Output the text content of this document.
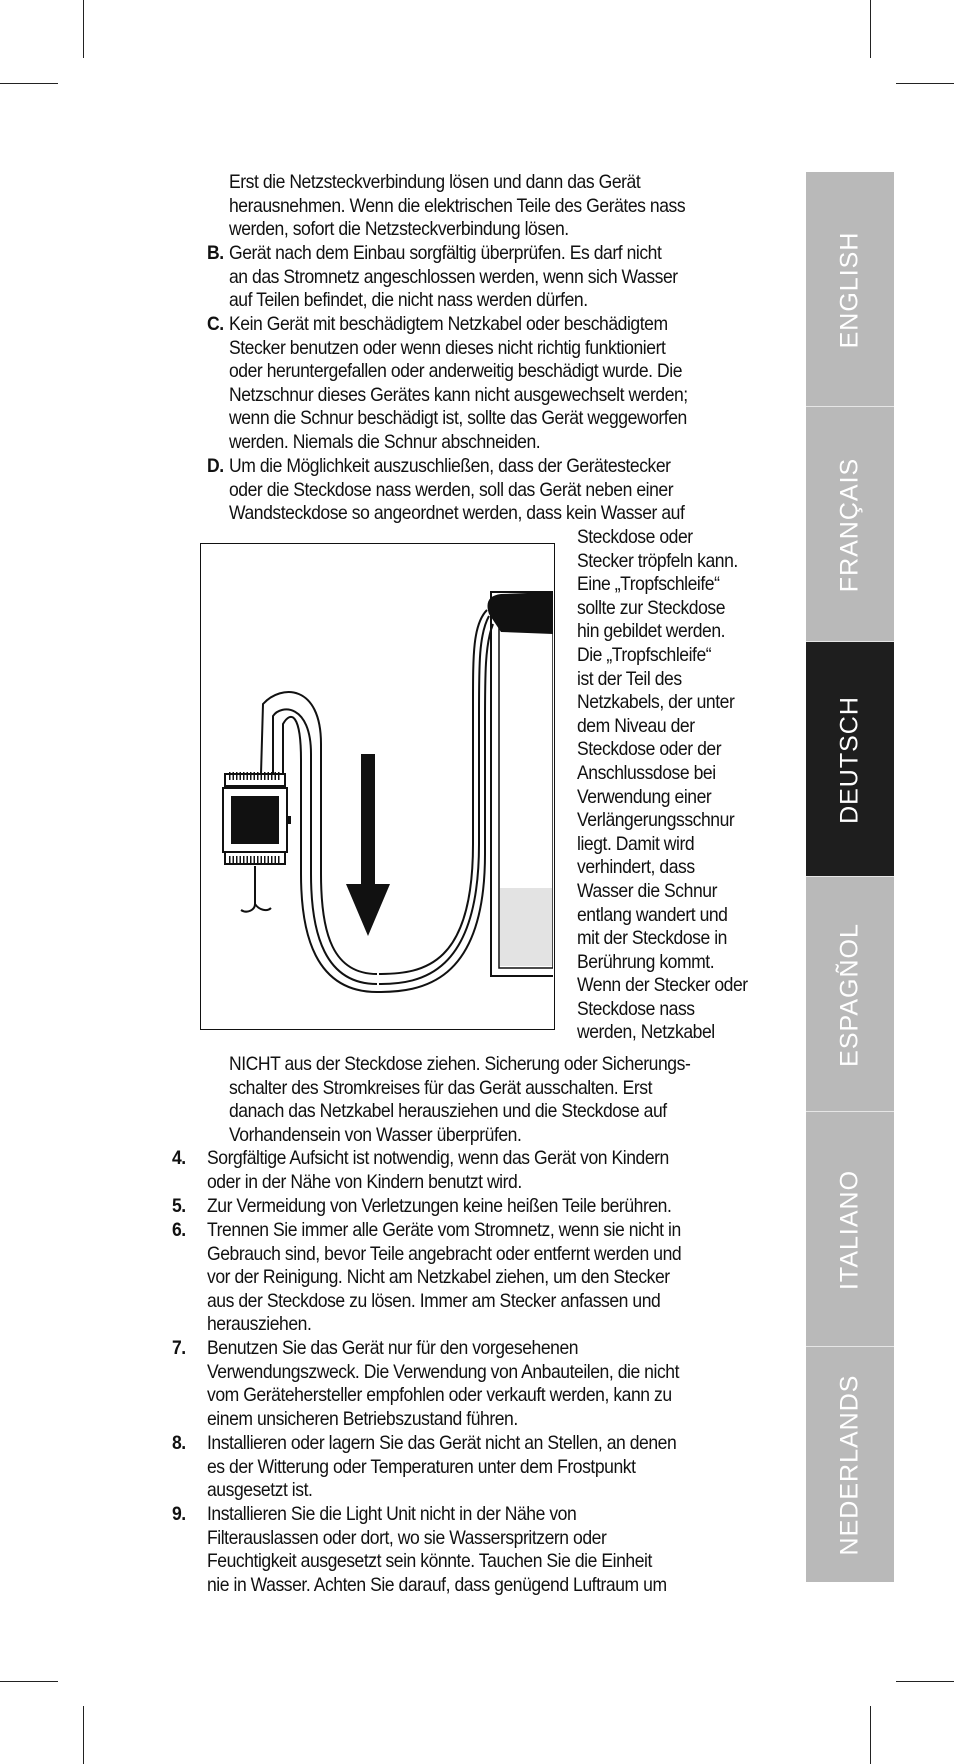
Erst die Netzsteckverbindung lösen und dann das Gerät
herausnehmen. Wenn die elektrischen Teile des Gerätes nass
werden, sofort die Netzsteckverbindung lösen.
B. Gerät nach dem Einbau sorgfältig überprüfen. Es darf nicht
an das Stromnetz angeschlossen werden, wenn sich Wasser
auf Teilen befindet, die nicht nass werden dürfen.
C. Kein Gerät mit beschädigtem Netzkabel oder beschädigtem
Stecker benutzen oder wenn dieses nicht richtig funktioniert
oder heruntergefallen oder anderweitig beschädigt wurde. Die
Netzschnur dieses Gerätes kann nicht ausgewechselt werden;
wenn die Schnur beschädigt ist, sollte das Gerät weggeworfen
werden. Niemals die Schnur abschneiden.
D. Um die Möglichkeit auszuschließen, dass der Gerätestecker
oder die Steckdose nass werden, soll das Gerät neben einer
Wandsteckdose so angeordnet werden, dass kein Wasser auf
Steckdose oder
Stecker tröpfeln kann.
Eine „Tropfschleife“
sollte zur Steckdose
hin gebildet werden.
Die „Tropfschleife“
ist der Teil des
Netzkabels, der unter
dem Niveau der
Steckdose oder der
Anschlussdose bei
Verwendung einer
Verlängerungsschnur
liegt. Damit wird
verhindert, dass
Wasser die Schnur
entlang wandert und
mit der Steckdose in
Berührung kommt.
Wenn der Stecker oder
Steckdose nass
werden, Netzkabel
NICHT aus der Steckdose ziehen. Sicherung oder Sicherungs-
schalter des Stromkreises für das Gerät ausschalten. Erst
danach das Netzkabel herausziehen und die Steckdose auf
Vorhandensein von Wasser überprüfen.
4. Sorgfältige Aufsicht ist notwendig, wenn das Gerät von Kindern
oder in der Nähe von Kindern benutzt wird.
5. Zur Vermeidung von Verletzungen keine heißen Teile berühren.
6. Trennen Sie immer alle Geräte vom Stromnetz, wenn sie nicht in
Gebrauch sind, bevor Teile angebracht oder entfernt werden und
vor der Reinigung. Nicht am Netzkabel ziehen, um den Stecker
aus der Steckdose zu lösen. Immer am Stecker anfassen und
herausziehen.
7. Benutzen Sie das Gerät nur für den vorgesehenen
Verwendungszweck. Die Verwendung von Anbauteilen, die nicht
vom Gerätehersteller empfohlen oder verkauft werden, kann zu
einem unsicheren Betriebszustand führen.
8. Installieren oder lagern Sie das Gerät nicht an Stellen, an denen
es der Witterung oder Temperaturen unter dem Frostpunkt
ausgesetzt ist.
9. Installieren Sie die Light Unit nicht in der Nähe von
Filterauslassen oder dort, wo sie Wasserspritzern oder
Feuchtigkeit ausgesetzt sein könnte. Tauchen Sie die Einheit
nie in Wasser. Achten Sie darauf, dass genügend Luftraum um
ENGLISH
FRANÇAIS
DEUTSCH
ESPAGÑOL
ITALIANO
NEDERLANDS
